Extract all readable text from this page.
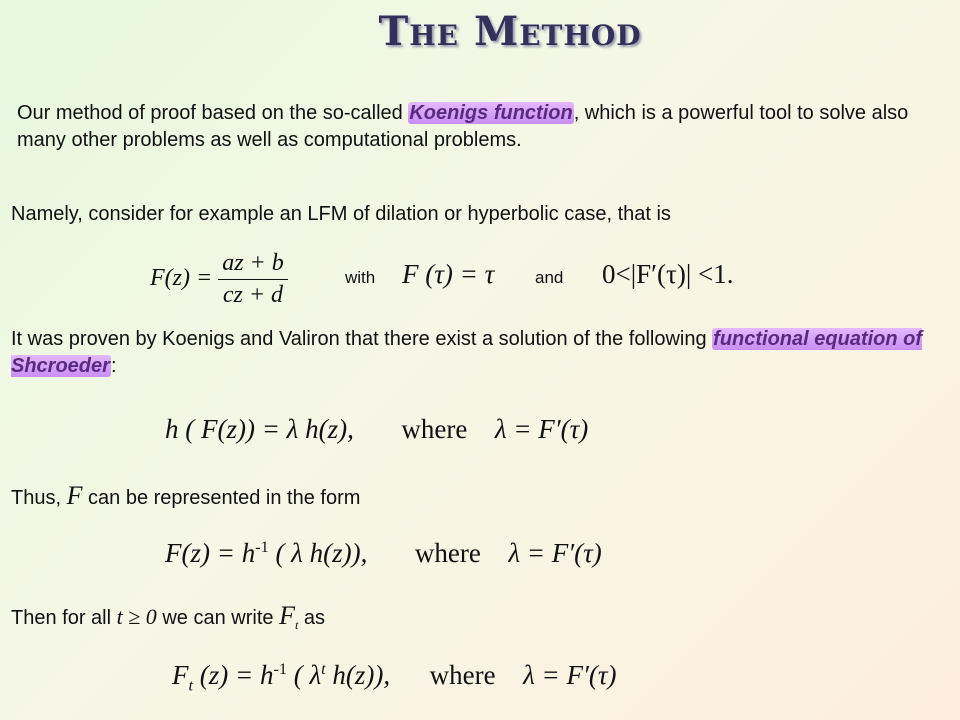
The Method
Our method of proof based on the so-called Koenigs function, which is a powerful tool to solve also many other problems as well as computational problems.
Namely, consider for example an LFM of dilation or hyperbolic case, that is
$F(z) = \frac{az + b}{cz + d}$	with F (τ) = τ and 0<|F′(τ)| <1.
It was proven by Koenigs and Valiron that there exist a solution of the following functional equation of Shcroeder:
h ( F(z)) = λ h(z), where λ = F′(τ)
Thus, F can be represented in the form
$F(z) = h^{-1}$ ( λ h(z)), where λ = F′(τ)
Then for all t ≥ 0 we can write $F_t$ as
$F_t$ $(z) = h^{-1}$ ( $\lambda^t$ h(z)), where λ = F′(τ)
